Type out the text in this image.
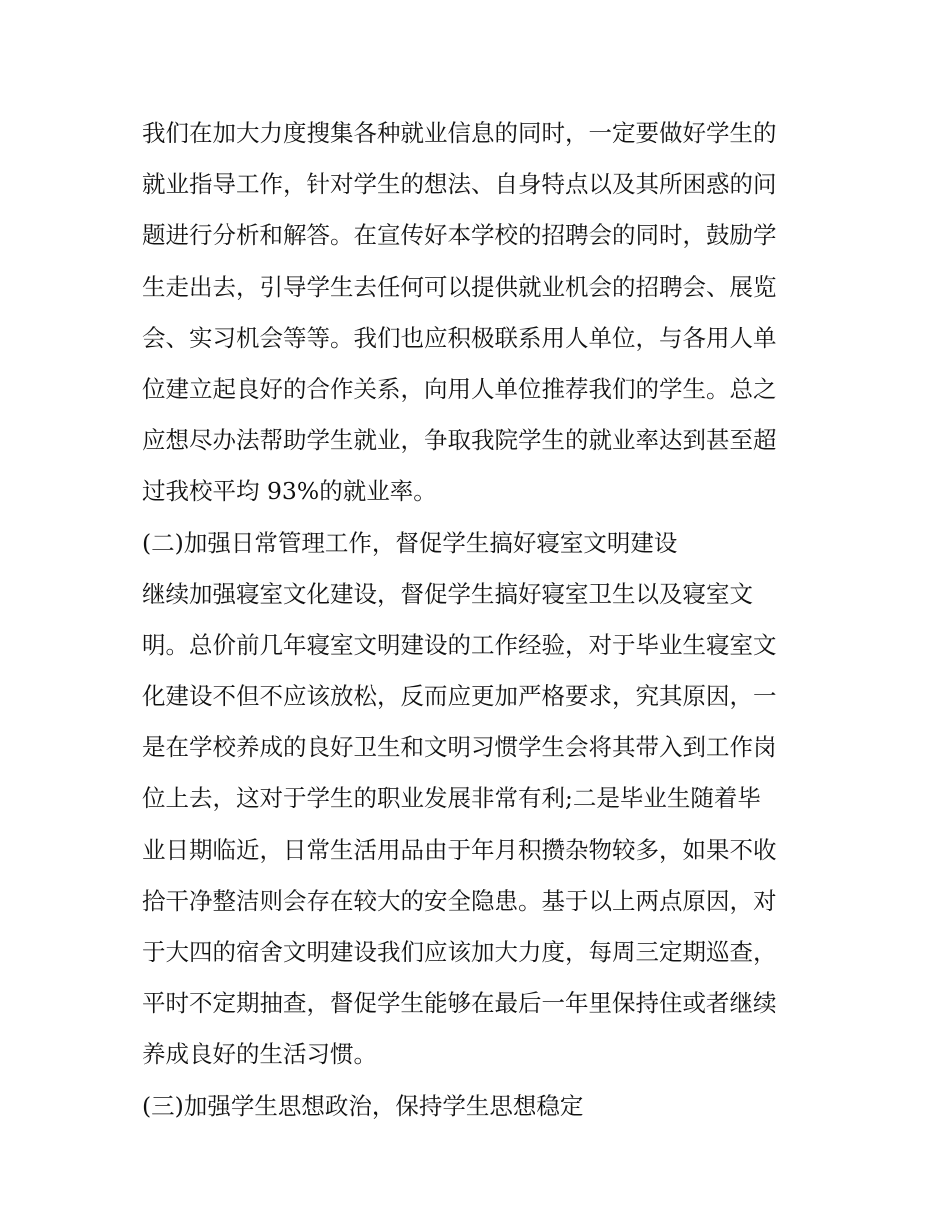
我们在加大力度搜集各种就业信息的同时，一定要做好学生的
就业指导工作，针对学生的想法、自身特点以及其所困惑的问
题进行分析和解答。在宣传好本学校的招聘会的同时，鼓励学
生走出去，引导学生去任何可以提供就业机会的招聘会、展览
会、实习机会等等。我们也应积极联系用人单位，与各用人单
位建立起良好的合作关系，向用人单位推荐我们的学生。总之
应想尽办法帮助学生就业，争取我院学生的就业率达到甚至超
过我校平均 93%的就业率。
(二)加强日常管理工作，督促学生搞好寝室文明建设
继续加强寝室文化建设，督促学生搞好寝室卫生以及寝室文
明。总价前几年寝室文明建设的工作经验，对于毕业生寝室文
化建设不但不应该放松，反而应更加严格要求，究其原因，一
是在学校养成的良好卫生和文明习惯学生会将其带入到工作岗
位上去，这对于学生的职业发展非常有利;二是毕业生随着毕
业日期临近，日常生活用品由于年月积攒杂物较多，如果不收
拾干净整洁则会存在较大的安全隐患。基于以上两点原因，对
于大四的宿舍文明建设我们应该加大力度，每周三定期巡查，
平时不定期抽查，督促学生能够在最后一年里保持住或者继续
养成良好的生活习惯。
(三)加强学生思想政治，保持学生思想稳定
